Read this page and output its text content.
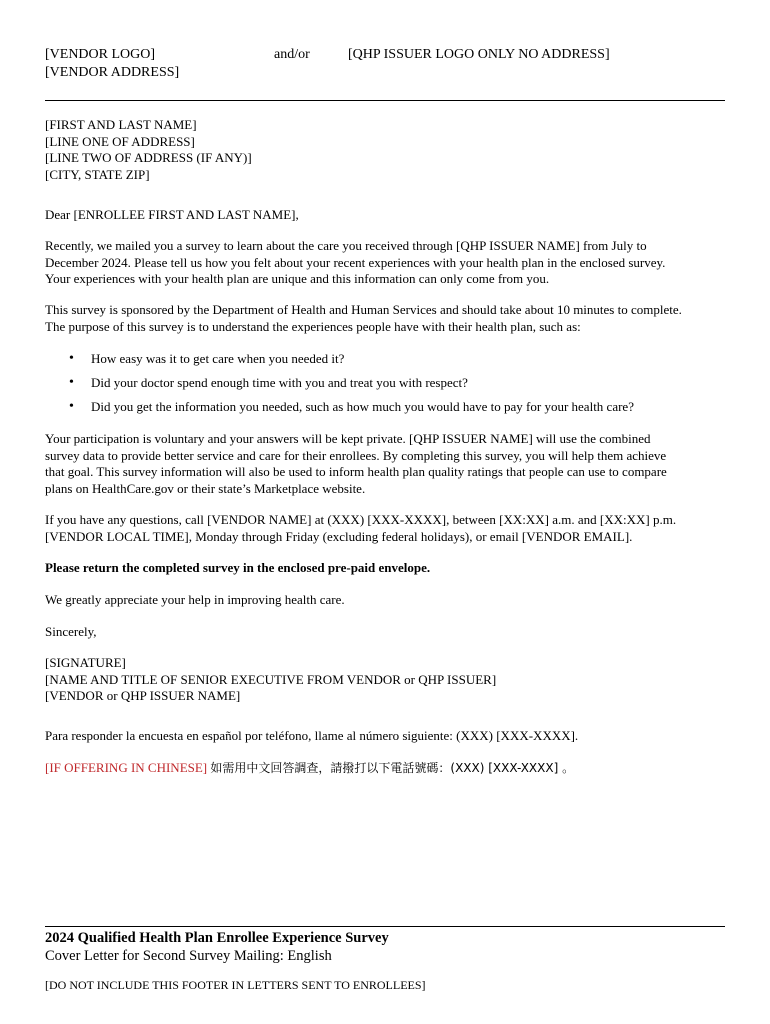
[VENDOR LOGO]
[VENDOR ADDRESS]
and/or	[QHP ISSUER LOGO ONLY NO ADDRESS]
[FIRST AND LAST NAME]
[LINE ONE OF ADDRESS]
[LINE TWO OF ADDRESS (IF ANY)]
[CITY, STATE ZIP]
Dear [ENROLLEE FIRST AND LAST NAME],
Recently, we mailed you a survey to learn about the care you received through [QHP ISSUER NAME] from July to
December 2024. Please tell us how you felt about your recent experiences with your health plan in the enclosed survey.
Your experiences with your health plan are unique and this information can only come from you.
This survey is sponsored by the Department of Health and Human Services and should take about 10 minutes to complete.
The purpose of this survey is to understand the experiences people have with their health plan, such as:
• How easy was it to get care when you needed it?
• Did your doctor spend enough time with you and treat you with respect?
• Did you get the information you needed, such as how much you would have to pay for your health care?
Your participation is voluntary and your answers will be kept private. [QHP ISSUER NAME] will use the combined
survey data to provide better service and care for their enrollees. By completing this survey, you will help them achieve
that goal. This survey information will also be used to inform health plan quality ratings that people can use to compare
plans on HealthCare.gov or their state’s Marketplace website.
If you have any questions, call [VENDOR NAME] at (XXX) [XXX-XXXX], between [XX:XX] a.m. and [XX:XX] p.m.
[VENDOR LOCAL TIME], Monday through Friday (excluding federal holidays), or email [VENDOR EMAIL].
Please return the completed survey in the enclosed pre-paid envelope.
We greatly appreciate your help in improving health care.
Sincerely,
[SIGNATURE]
[NAME AND TITLE OF SENIOR EXECUTIVE FROM VENDOR or QHP ISSUER]
[VENDOR or QHP ISSUER NAME]
Para responder la encuesta en español por teléfono, llame al número siguiente: (XXX) [XXX-XXXX].
[IF OFFERING IN CHINESE] 如需用中文回答調查，請撥打以下電話號碼：(XXX) [XXX-XXXX] 。
2024 Qualified Health Plan Enrollee Experience Survey
Cover Letter for Second Survey Mailing: English
[DO NOT INCLUDE THIS FOOTER IN LETTERS SENT TO ENROLLEES]
